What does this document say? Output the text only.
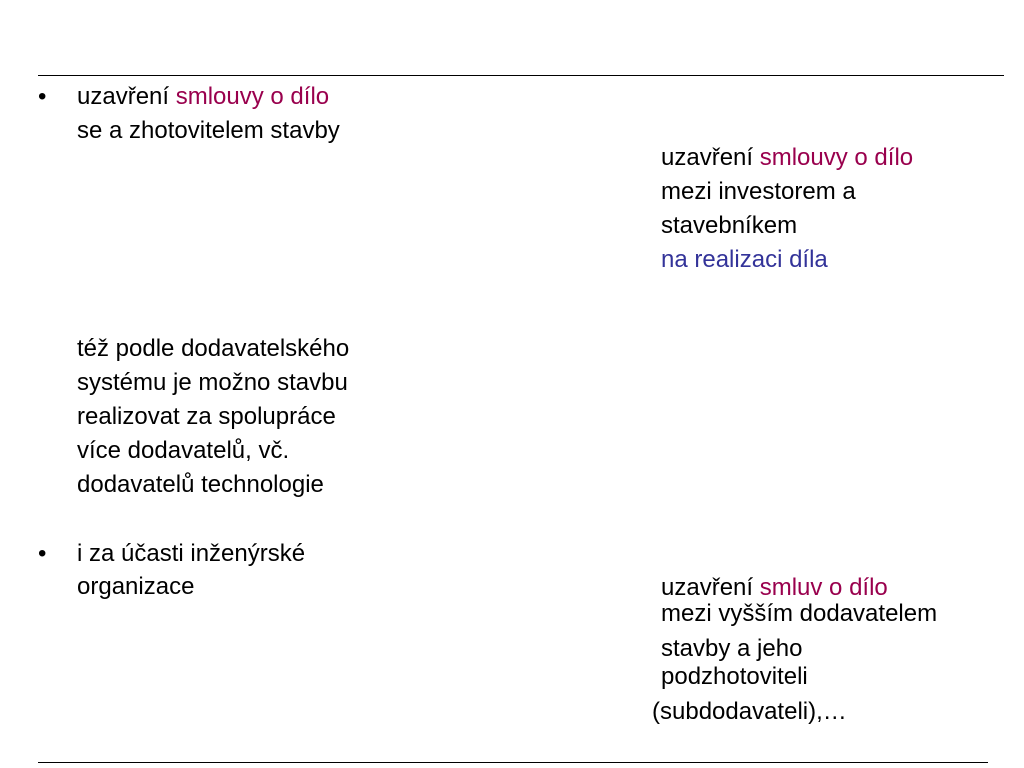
• uzavření smlouvy o dílo
se a zhotovitelem stavby
uzavření smlouvy o dílo
mezi investorem a
stavebníkem
na realizaci díla
též podle dodavatelského
systému je možno stavbu
realizovat za spolupráce
více dodavatelů, vč.
dodavatelů technologie
• i za účasti inženýrské
organizace	uzavření smluv o dílo
mezi vyšším dodavatelem
stavby a jeho
podzhotoviteli
(subdodavateli),…
